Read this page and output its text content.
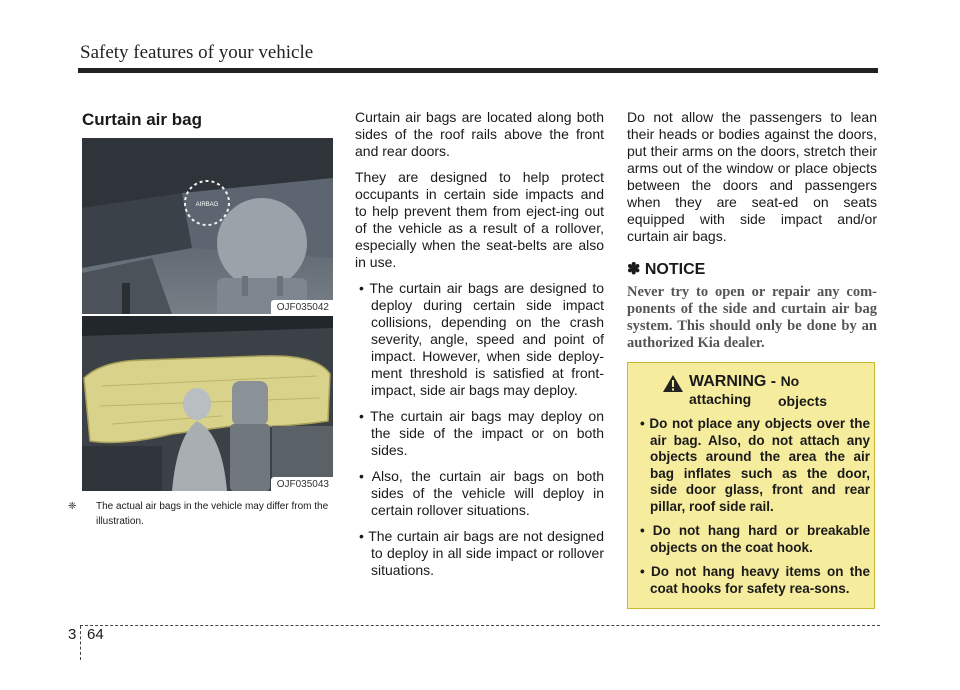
Safety features of your vehicle
Curtain air bag
AIRBAG
OJF035042
OJF035043
❈ The actual air bags in the vehicle may differ from the illustration.

Curtain air bags are located along both sides of the roof rails above the front and rear doors.

They are designed to help protect occupants in certain side impacts and to help prevent them from eject-ing out of the vehicle as a result of a rollover, especially when the seat-belts are also in use.

• The curtain air bags are designed to deploy during certain side impact collisions, depending on the crash severity, angle, speed and point of impact. However, when side deploy-ment threshold is satisfied at front-impact, side air bags may deploy.

• The curtain air bags may deploy on the side of the impact or on both sides.

• Also, the curtain air bags on both sides of the vehicle will deploy in certain rollover situations.

• The curtain air bags are not designed to deploy in all side impact or rollover situations.

Do not allow the passengers to lean their heads or bodies against the doors, put their arms on the doors, stretch their arms out of the window or place objects between the doors and passengers when they are seat-ed on seats equipped with side impact and/or curtain air bags.

✽ NOTICE
Never try to open or repair any com-ponents of the side and curtain air bag system. This should only be done by an authorized Kia dealer.
WARNING - No attaching	objects
• Do not place any objects over the air bag. Also, do not attach any objects around the area the air bag inflates such as the door, side door glass, front and rear pillar, roof side rail.
• Do not hang hard or breakable objects on the coat hook.
• Do not hang heavy items on the coat hooks for safety rea-sons.
3 64
